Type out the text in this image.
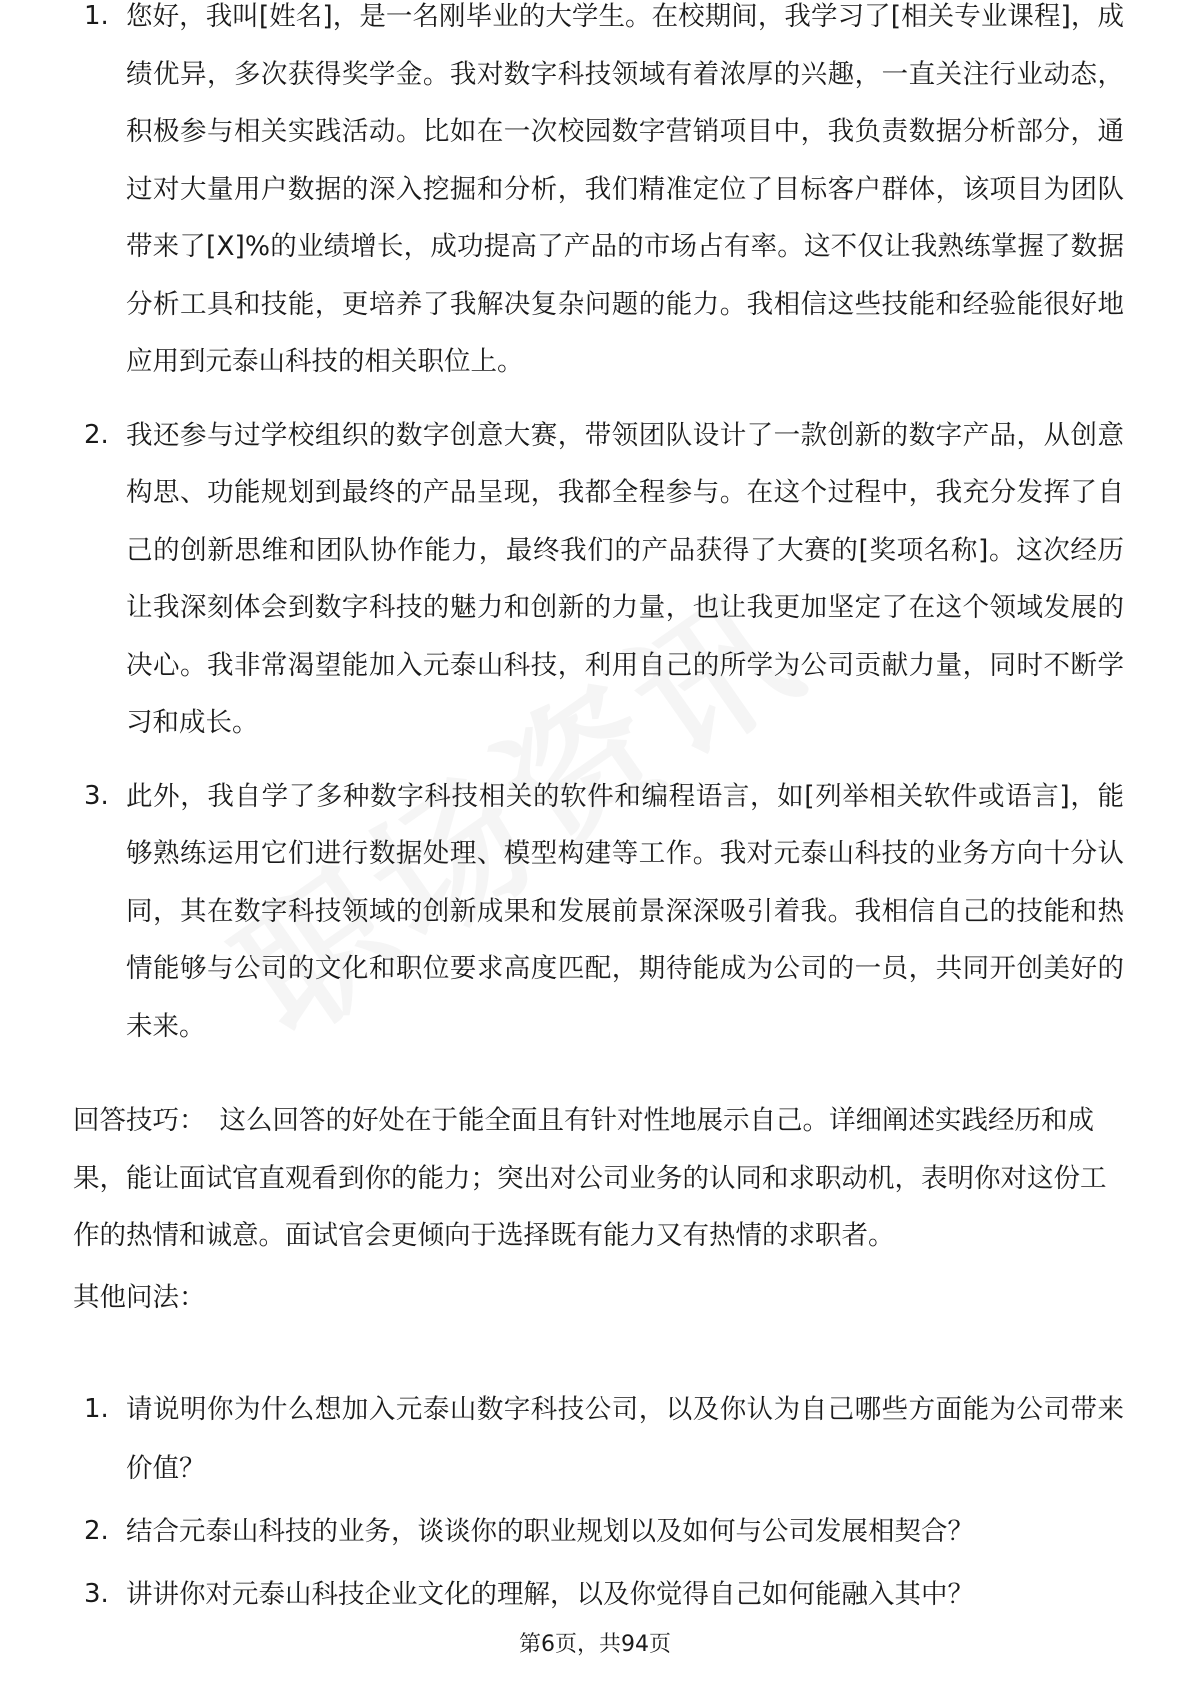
1. 您好，我叫[姓名]，是一名刚毕业的大学生。在校期间，我学习了[相关专业课程]，成绩优异，多次获得奖学金。我对数字科技领域有着浓厚的兴趣，一直关注行业动态，积极参与相关实践活动。比如在一次校园数字营销项目中，我负责数据分析部分，通过对大量用户数据的深入挖掘和分析，我们精准定位了目标客户群体，该项目为团队带来了[X]%的业绩增长，成功提高了产品的市场占有率。这不仅让我熟练掌握了数据分析工具和技能，更培养了我解决复杂问题的能力。我相信这些技能和经验能很好地应用到元泰山科技的相关职位上。

2. 我还参与过学校组织的数字创意大赛，带领团队设计了一款创新的数字产品，从创意构思、功能规划到最终的产品呈现，我都全程参与。在这个过程中，我充分发挥了自己的创新思维和团队协作能力，最终我们的产品获得了大赛的[奖项名称]。这次经历让我深刻体会到数字科技的魅力和创新的力量，也让我更加坚定了在这个领域发展的决心。我非常渴望能加入元泰山科技，利用自己的所学为公司贡献力量，同时不断学习和成长。

3. 此外，我自学了多种数字科技相关的软件和编程语言，如[列举相关软件或语言]，能够熟练运用它们进行数据处理、模型构建等工作。我对元泰山科技的业务方向十分认同，其在数字科技领域的创新成果和发展前景深深吸引着我。我相信自己的技能和热情能够与公司的文化和职位要求高度匹配，期待能成为公司的一员，共同开创美好的未来。

回答技巧： 这么回答的好处在于能全面且有针对性地展示自己。详细阐述实践经历和成果，能让面试官直观看到你的能力；突出对公司业务的认同和求职动机，表明你对这份工作的热情和诚意。面试官会更倾向于选择既有能力又有热情的求职者。

其他问法：

1. 请说明你为什么想加入元泰山数字科技公司，以及你认为自己哪些方面能为公司带来价值？

2. 结合元泰山科技的业务，谈谈你的职业规划以及如何与公司发展相契合？

3. 讲讲你对元泰山科技企业文化的理解，以及你觉得自己如何能融入其中？

第6页，共94页
